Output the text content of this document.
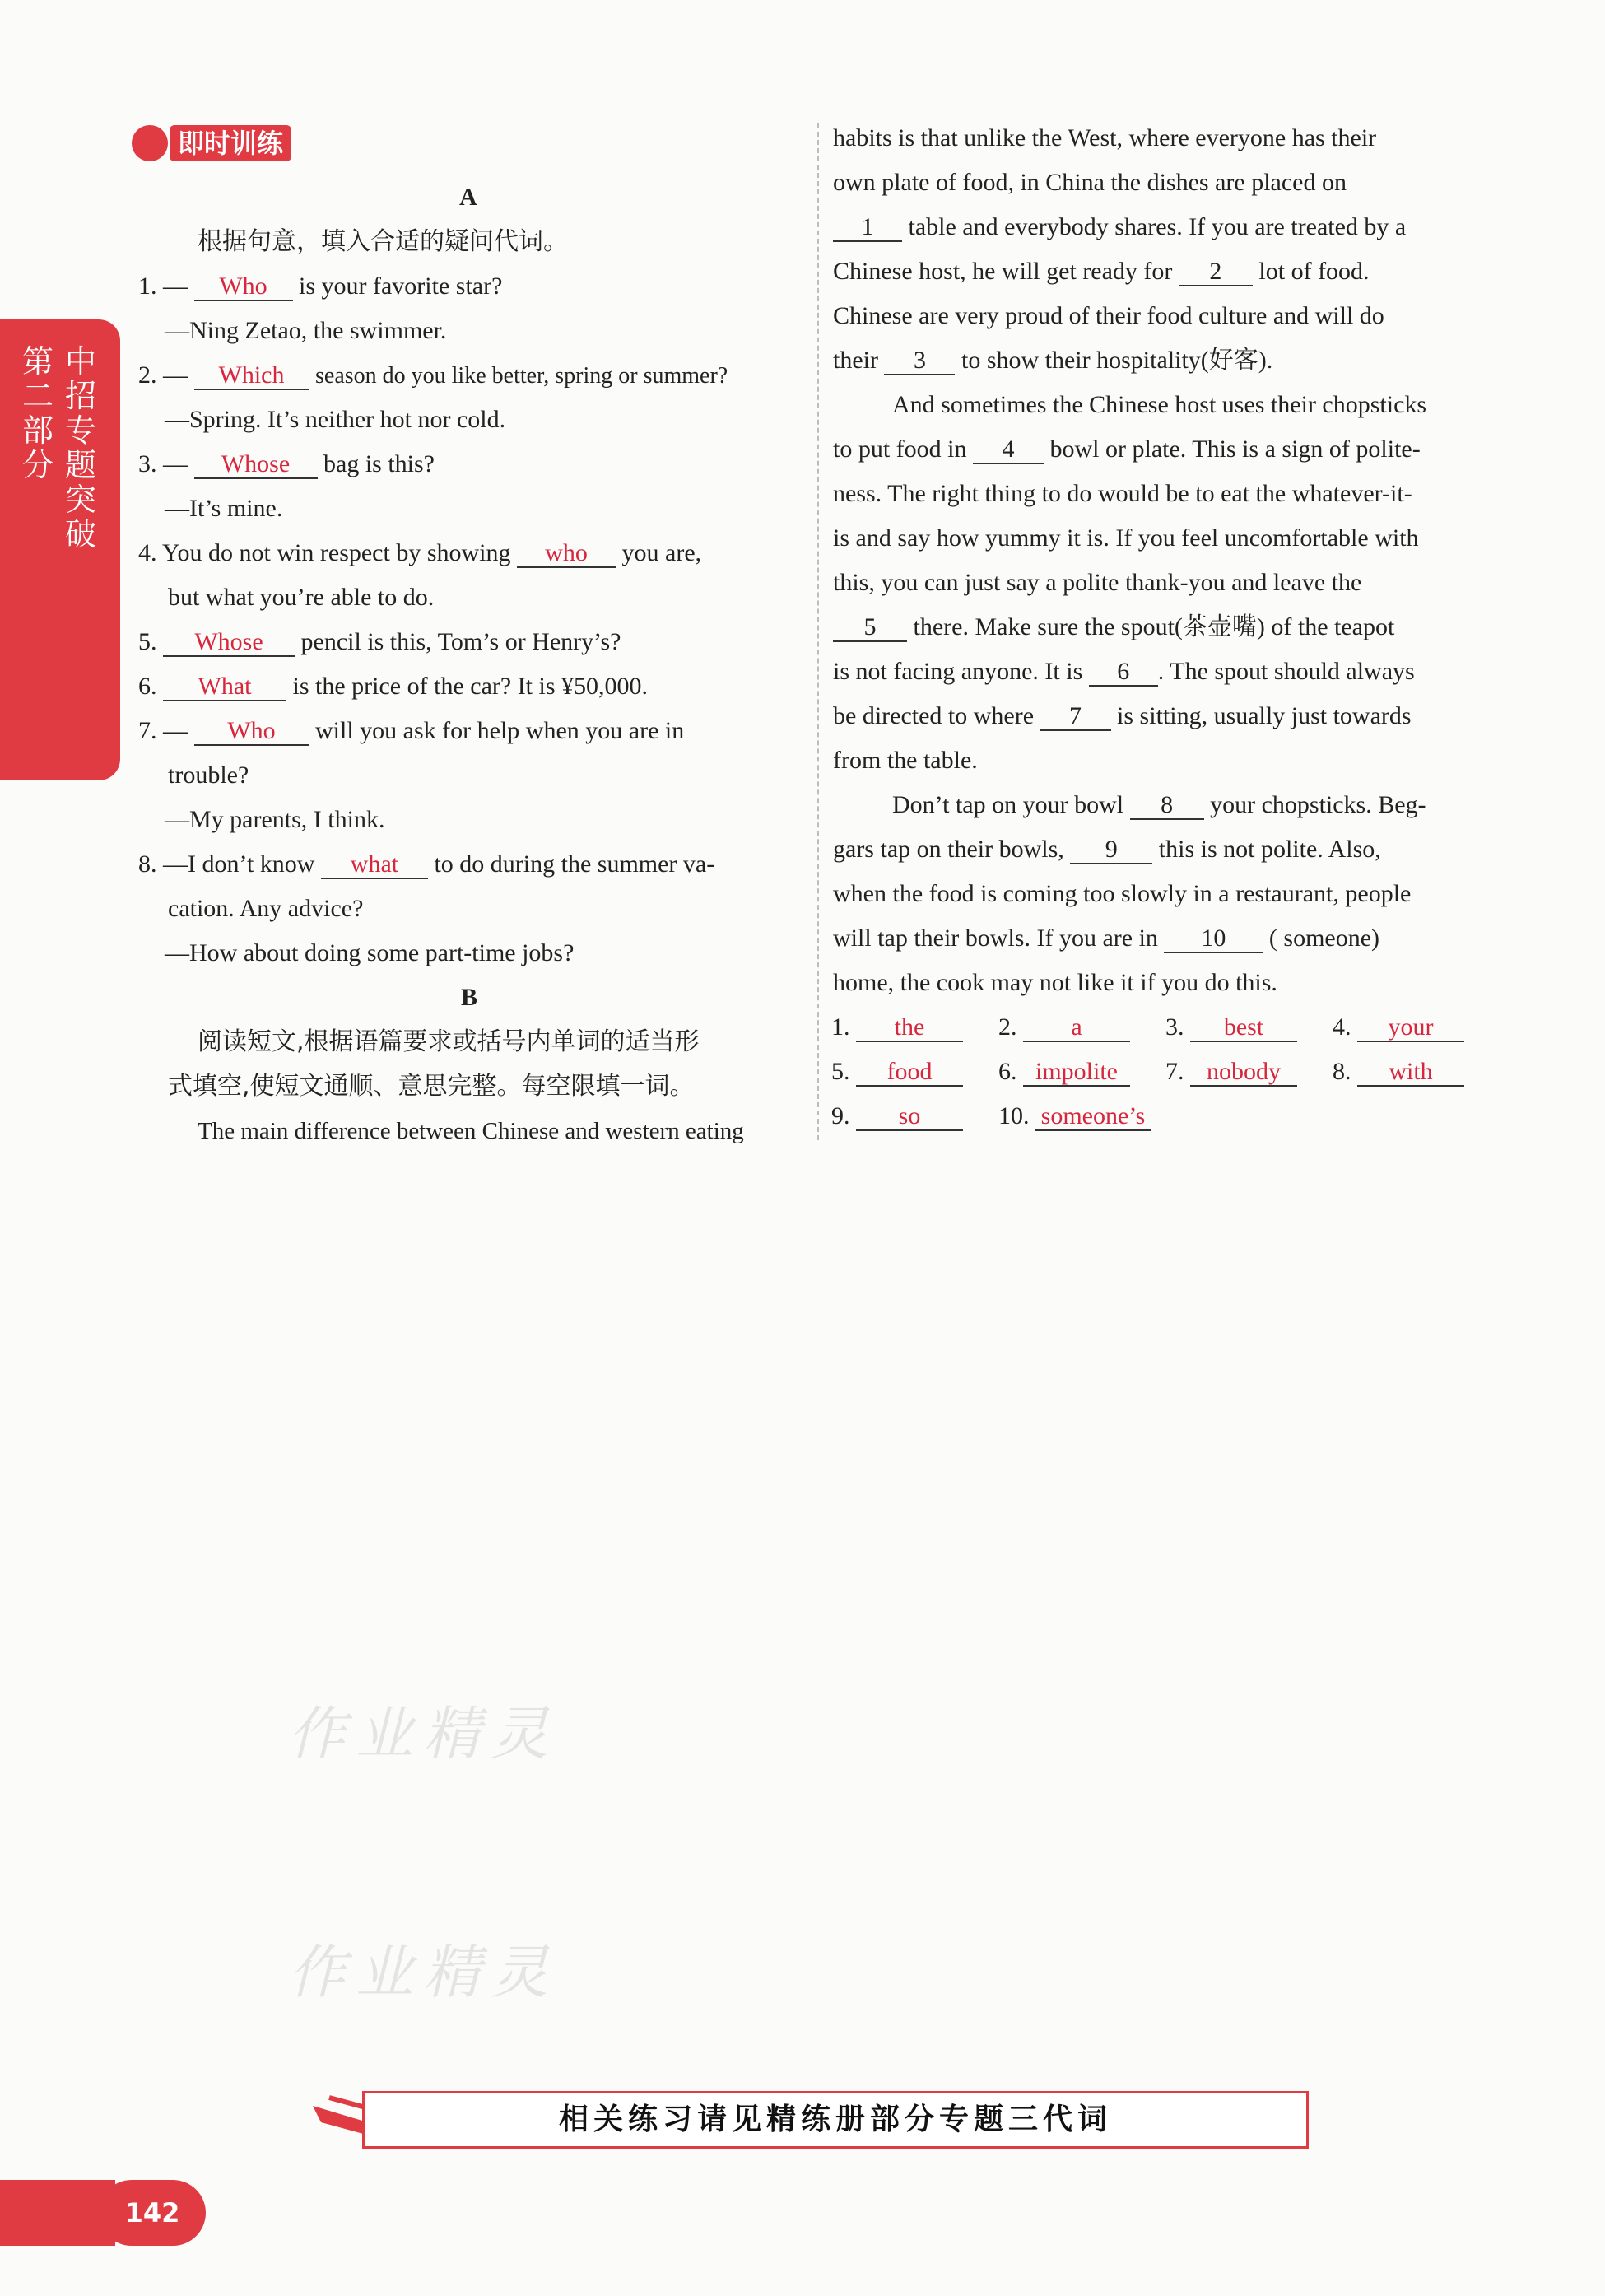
第二部分
中招专题突破
即时训练
A
根据句意，填入合适的疑问代词。
1. — Who is your favorite star?
—Ning Zetao, the swimmer.
2. — Which season do you like better, spring or summer?
—Spring. It’s neither hot nor cold.
3. — Whose bag is this?
—It’s mine.
4. You do not win respect by showing who you are,
but what you’re able to do.
5. Whose pencil is this, Tom’s or Henry’s?
6. What is the price of the car? It is ¥50,000.
7. — Who will you ask for help when you are in
trouble?
—My parents, I think.
8. —I don’t know what to do during the summer va-
cation. Any advice?
—How about doing some part-time jobs?
B
阅读短文,根据语篇要求或括号内单词的适当形
式填空,使短文通顺、意思完整。每空限填一词。
The main difference between Chinese and western eating
habits is that unlike the West, where everyone has their
own plate of food, in China the dishes are placed on
1 table and everybody shares. If you are treated by a
Chinese host, he will get ready for 2 lot of food.
Chinese are very proud of their food culture and will do
their 3 to show their hospitality(好客).
And sometimes the Chinese host uses their chopsticks
to put food in 4 bowl or plate. This is a sign of polite-
ness. The right thing to do would be to eat the whatever-it-
is and say how yummy it is. If you feel uncomfortable with
this, you can just say a polite thank-you and leave the
5 there. Make sure the spout(茶壶嘴) of the teapot
is not facing anyone. It is 6 . The spout should always
be directed to where 7 is sitting, usually just towards
from the table.
Don’t tap on your bowl 8 your chopsticks. Beg-
gars tap on their bowls, 9 this is not polite. Also,
when the food is coming too slowly in a restaurant, people
will tap their bowls. If you are in 10 ( someone)
home, the cook may not like it if you do this.
1. the	2. a	3. best	4. your
5. food	6. impolite 7. nobody 8. with
9. so	10. someone’s
作业精灵
作业精灵
相关练习请见精练册部分专题三代词
142
